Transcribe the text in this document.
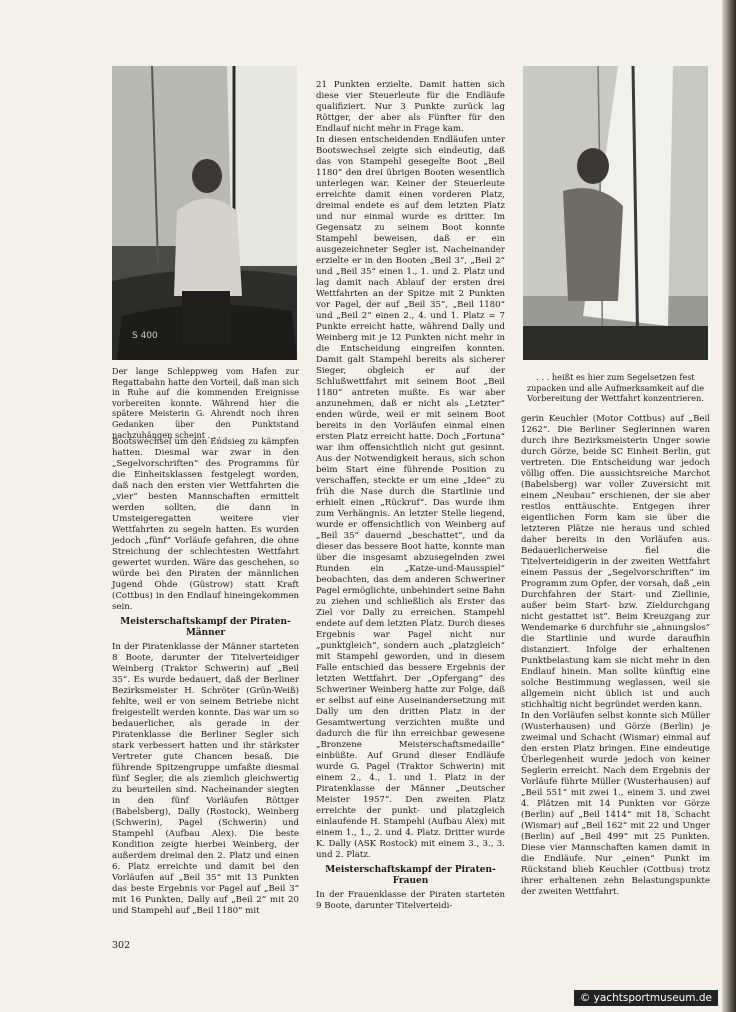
S 400
Der lange Schleppweg vom Hafen zur Regattabahn hatte den Vorteil, daß man sich in Ruhe auf die kommenden Ereignisse vorbereiten konnte. Während hier die spätere Meisterin G. Ahrendt noch ihren Gedanken über den Punktstand nachzuhängen scheint . . .
. . . heißt es hier zum Segelsetzen fest zupacken und alle Aufmerksamkeit auf die Vorbereitung der Wettfahrt konzentrieren.

Bootswechsel um den Endsieg zu kämpfen hatten. Diesmal war zwar in den „Segelvorschriften“ des Programms für die Einheitsklassen festgelegt worden, daß nach den ersten vier Wettfahrten die „vier“ besten Mannschaften ermittelt werden sollten, die dann in Umsteigeregatten weitere vier Wettfahrten zu segeln hatten. Es wurden jedoch „fünf“ Vorläufe gefahren, die ohne Streichung der schlechtesten Wettfahrt gewertet wurden. Wäre das geschehen, so würde bei den Piraten der männlichen Jugend Ohde (Güstrow) statt Kraft (Cottbus) in den Endlauf hineingekommen sein.

Meisterschaftskampf der Piraten-Männer

In der Piratenklasse der Männer starteten 8 Boote, darunter der Titelverteidiger Weinberg (Traktor Schwerin) auf „Beil 35“. Es wurde bedauert, daß der Berliner Bezirksmeister H. Schröter (Grün-Weiß) fehlte, weil er von seinem Betriebe nicht freigestellt werden konnte. Das war um so bedauerlicher, als gerade in der Piratenklasse die Berliner Segler sich stark verbessert hatten und ihr stärkster Vertreter gute Chancen besaß. Die führende Spitzengruppe umfaßte diesmal fünf Segler, die als ziemlich gleichwertig zu beurteilen sind. Nacheinander siegten in den fünf Vorläufen Röttger (Babelsberg), Dally (Rostock), Weinberg (Schwerin), Pagel (Schwerin) und Stampehl (Aufbau Alex). Die beste Kondition zeigte hierbei Weinberg, der außerdem dreimal den 2. Platz und einen 6. Platz erreichte und damit bei den Vorläufen auf „Beil 35“ mit 13 Punkten das beste Ergebnis vor Pagel auf „Beil 3“ mit 16 Punkten, Dally auf „Beil 2“ mit 20 und Stampehl auf „Beil 1180“ mit

21 Punkten erzielte. Damit hatten sich diese vier Steuerleute für die Endläufe qualifiziert. Nur 3 Punkte zurück lag Röttger, der aber als Fünfter für den Endlauf nicht mehr in Frage kam.

In diesen entscheidenden Endläufen unter Bootswechsel zeigte sich eindeutig, daß das von Stampehl gesegelte Boot „Beil 1180“ den drei übrigen Booten wesentlich unterlegen war. Keiner der Steuerleute erreichte damit einen vorderen Platz, dreimal endete es auf dem letzten Platz und nur einmal wurde es dritter. Im Gegensatz zu seinem Boot konnte Stampehl beweisen, daß er ein ausgezeichneter Segler ist. Nacheinander erzielte er in den Booten „Beil 3“, „Beil 2“ und „Beil 35“ einen 1., 1. und 2. Platz und lag damit nach Ablauf der ersten drei Wettfahrten an der Spitze mit 2 Punkten vor Pagel, der auf „Beil 35“, „Beil 1180“ und „Beil 2“ einen 2., 4. und 1. Platz = 7 Punkte erreicht hatte, während Dally und Weinberg mit je 12 Punkten nicht mehr in die Entscheidung eingreifen konnten. Damit galt Stampehl bereits als sicherer Sieger, obgleich er auf der Schlußwettfahrt mit seinem Boot „Beil 1180“ antreten mußte. Es war aber anzunehmen, daß er nicht als „Letzter“ enden würde, weil er mit seinem Boot bereits in den Vorläufen einmal einen ersten Platz erreicht hatte. Doch „Fortuna“ war ihm offensichtlich nicht gut gesinnt. Aus der Notwendigkeit heraus, sich schon beim Start eine führende Position zu verschaffen, steckte er um eine „Idee“ zu früh die Nase durch die Startlinie und erhielt einen „Rückruf“. Das wurde ihm zum Verhängnis. An letzter Stelle liegend, wurde er offensichtlich von Weinberg auf „Beil 35“ dauernd „beschattet“, und da dieser das bessere Boot hatte, konnte man über die insgesamt abzusegelnden zwei Runden ein „Katze-und-Mausspiel“ beobachten, das dem anderen Schweriner Pagel ermöglichte, unbehindert seine Bahn zu ziehen und schließlich als Erster das Ziel vor Dally zu erreichen. Stampehl endete auf dem letzten Platz. Durch dieses Ergebnis war Pagel nicht nur „punktgleich“, sondern auch „platzgleich“ mit Stampehl geworden, und in diesem Falle entschied das bessere Ergebnis der letzten Wettfahrt. Der „Opfergang“ des Schweriner Weinberg hatte zur Folge, daß er selbst auf eine Auseinandersetzung mit Dally um den dritten Platz in der Gesamtwertung verzichten mußte und dadurch die für ihn erreichbar gewesene „Bronzene Meisterschaftsmedaille“ einbüßte. Auf Grund dieser Endläufe wurde G. Pagel (Traktor Schwerin) mit einem 2., 4., 1. und 1. Platz in der Piratenklasse der Männer „Deutscher Meister 1957“. Den zweiten Platz erreichte der punkt- und platzgleich einlaufende H. Stampehl (Aufbau Alex) mit einem 1., 1., 2. und 4. Platz. Dritter wurde K. Dally (ASK Rostock) mit einem 3., 3., 3. und 2. Platz.

Meisterschaftskampf der Piraten-Frauen

In der Frauenklasse der Piraten starteten 9 Boote, darunter Titelverteidi-

gerin Keuchler (Motor Cottbus) auf „Beil 1262“. Die Berliner Seglerinnen waren durch ihre Bezirksmeisterin Unger sowie durch Görze, beide SC Einheit Berlin, gut vertreten. Die Entscheidung war jedoch völlig offen. Die aussichtsreiche Marchot (Babelsberg) war voller Zuversicht mit einem „Neubau“ erschienen, der sie aber restlos enttäuschte. Entgegen ihrer eigentlichen Form kam sie über die letzteren Plätze nie heraus und schied daher bereits in den Vorläufen aus. Bedauerlicherweise fiel die Titelverteidigerin in der zweiten Wettfahrt einem Passus der „Segelvorschriften“ im Programm zum Opfer, der vorsah, daß „ein Durchfahren der Start- und Ziellinie, außer beim Start- bzw. Zieldurchgang nicht gestattet ist“. Beim Kreuzgang zur Wendemarke 6 durchfuhr sie „ahnungslos“ die Startlinie und wurde daraufhin distanziert. Infolge der erhaltenen Punktbelastung kam sie nicht mehr in den Endlauf hinein. Man sollte künftig eine solche Bestimmung weglassen, weil sie allgemein nicht üblich ist und auch stichhaltig nicht begründet werden kann.

In den Vorläufen selbst konnte sich Müller (Wusterhausen) und Görze (Berlin) je zweimal und Schacht (Wismar) einmal auf den ersten Platz bringen. Eine eindeutige Überlegenheit wurde jedoch von keiner Seglerin erreicht. Nach dem Ergebnis der Vorläufe führte Müller (Wusterhausen) auf „Beil 551“ mit zwei 1., einem 3. und zwei 4. Plätzen mit 14 Punkten vor Görze (Berlin) auf „Beil 1414“ mit 18, Schacht (Wismar) auf „Beil 162“ mit 22 und Unger (Berlin) auf „Beil 499“ mit 25 Punkten. Diese vier Mannschaften kamen damit in die Endläufe. Nur „einen“ Punkt im Rückstand blieb Keuchler (Cottbus) trotz ihrer erhaltenen zehn Belastungspunkte der zweiten Wettfahrt.

302
© yachtsportmuseum.de
